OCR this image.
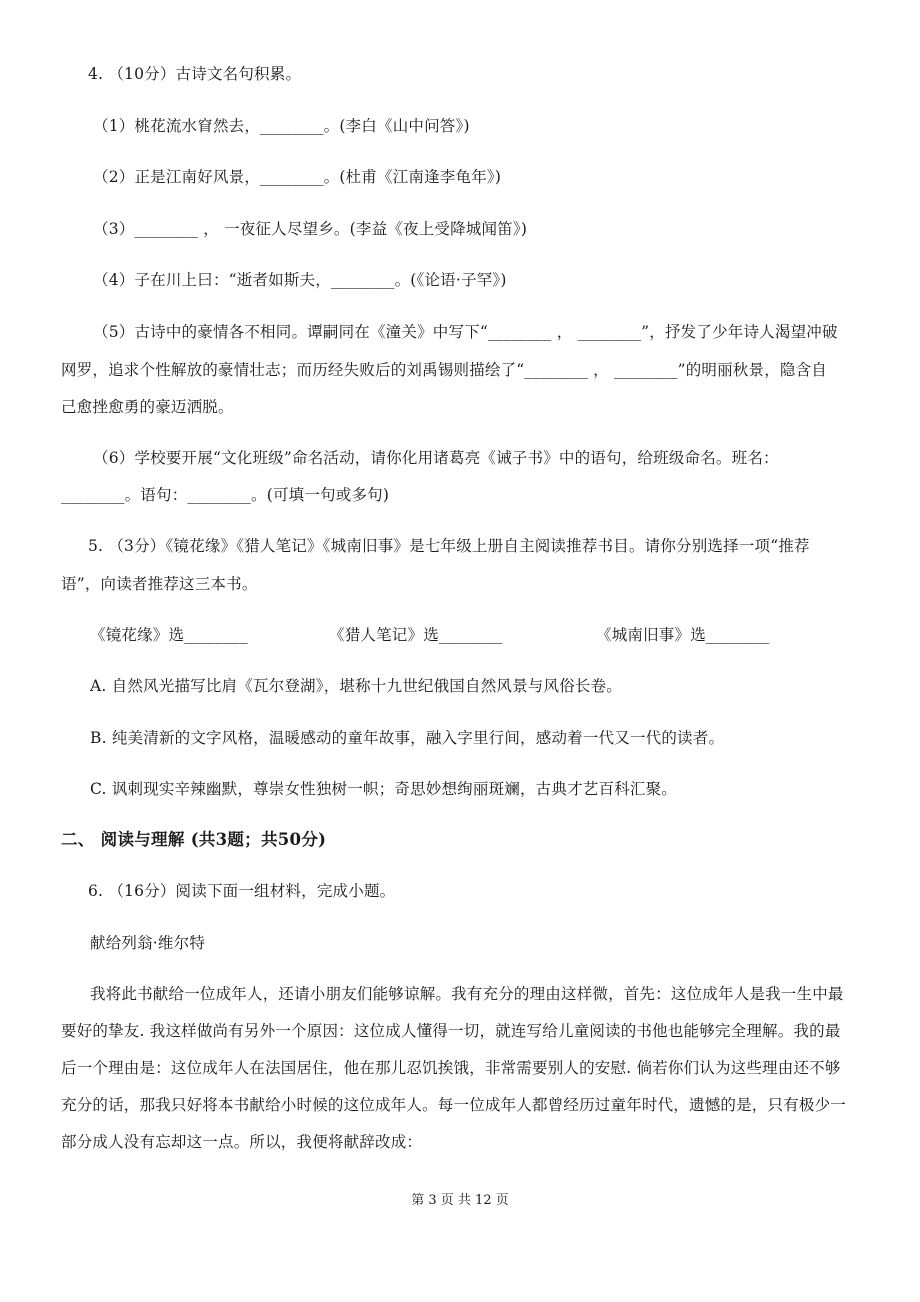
4. （10分）古诗文名句积累。
（1）桃花流水窅然去，________。(李白《山中问答》)
（2）正是江南好风景，________。(杜甫《江南逢李龟年》)
（3）________ ， 一夜征人尽望乡。(李益《夜上受降城闻笛》)
（4）子在川上曰：“逝者如斯夫，________。(《论语·子罕》)
（5）古诗中的豪情各不相同。谭嗣同在《潼关》中写下“________ ， ________”，抒发了少年诗人渴望冲破
网罗，追求个性解放的豪情壮志；而历经失败后的刘禹锡则描绘了“________ ， ________”的明丽秋景，隐含自
己愈挫愈勇的豪迈洒脱。
（6）学校要开展“文化班级”命名活动，请你化用诸葛亮《诫子书》中的语句，给班级命名。班名：
________。语句：________。(可填一句或多句)
5. （3分）《镜花缘》《猎人笔记》《城南旧事》是七年级上册自主阅读推荐书目。请你分别选择一项“推荐
语”，向读者推荐这三本书。
《镜花缘》选________	《猎人笔记》选________	《城南旧事》选________
A. 自然风光描写比肩《瓦尔登湖》，堪称十九世纪俄国自然风景与风俗长卷。
B. 纯美清新的文字风格，温暖感动的童年故事，融入字里行间，感动着一代又一代的读者。
C. 讽刺现实辛辣幽默，尊崇女性独树一帜；奇思妙想绚丽斑斓，古典才艺百科汇聚。
二、 阅读与理解 (共3题；共50分)
6. （16分）阅读下面一组材料，完成小题。
献给列翁·维尔特
我将此书献给一位成年人，还请小朋友们能够谅解。我有充分的理由这样微，首先：这位成年人是我一生中最
要好的挚友. 我这样做尚有另外一个原因：这位成人懂得一切，就连写给儿童阅读的书他也能够完全理解。我的最
后一个理由是：这位成年人在法国居住，他在那儿忍饥挨饿，非常需要别人的安慰. 倘若你们认为这些理由还不够
充分的话，那我只好将本书献给小时候的这位成年人。每一位成年人都曾经历过童年时代，遗憾的是，只有极少一
部分成人没有忘却这一点。所以，我便将献辞改成：
第 3 页 共 12 页
